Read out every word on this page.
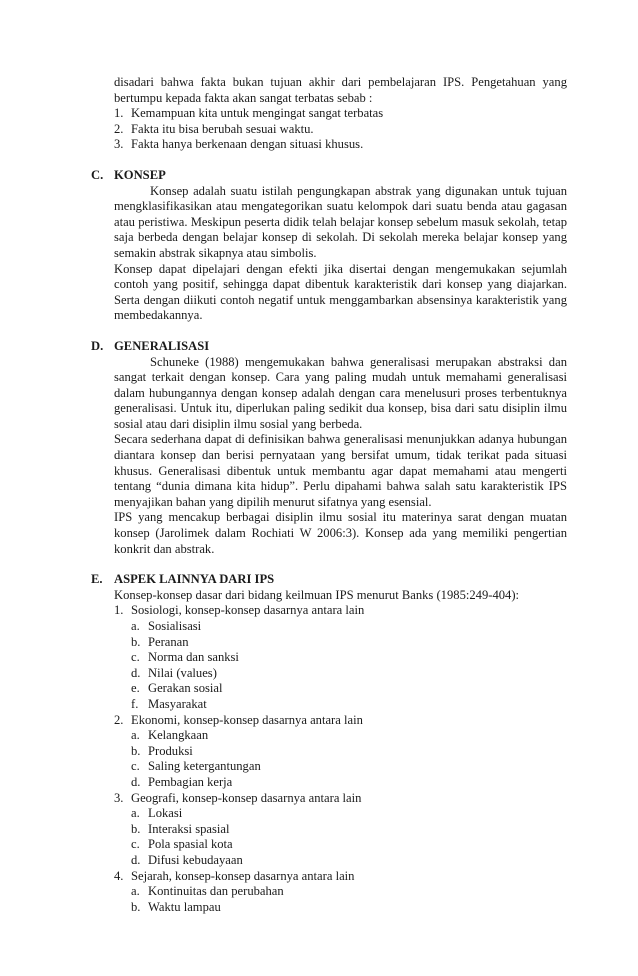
disadari bahwa fakta bukan tujuan akhir dari pembelajaran IPS. Pengetahuan yang bertumpu kepada fakta akan sangat terbatas sebab :
1. Kemampuan kita untuk mengingat sangat terbatas
2. Fakta itu bisa berubah sesuai waktu.
3. Fakta hanya berkenaan dengan situasi khusus.
C. KONSEP
Konsep adalah suatu istilah pengungkapan abstrak yang digunakan untuk tujuan mengklasifikasikan atau mengategorikan suatu kelompok dari suatu benda atau gagasan atau peristiwa. Meskipun peserta didik telah belajar konsep sebelum masuk sekolah, tetap saja berbeda dengan belajar konsep di sekolah. Di sekolah mereka belajar konsep yang semakin abstrak sikapnya atau simbolis.
Konsep dapat dipelajari dengan efekti jika disertai dengan mengemukakan sejumlah contoh yang positif, sehingga dapat dibentuk karakteristik dari konsep yang diajarkan. Serta dengan diikuti contoh negatif untuk menggambarkan absensinya karakteristik yang membedakannya.
D. GENERALISASI
Schuneke (1988) mengemukakan bahwa generalisasi merupakan abstraksi dan sangat terkait dengan konsep. Cara yang paling mudah untuk memahami generalisasi dalam hubungannya dengan konsep adalah dengan cara menelusuri proses terbentuknya generalisasi. Untuk itu, diperlukan paling sedikit dua konsep, bisa dari satu disiplin ilmu sosial atau dari disiplin ilmu sosial yang berbeda.
Secara sederhana dapat di definisikan bahwa generalisasi menunjukkan adanya hubungan diantara konsep dan berisi pernyataan yang bersifat umum, tidak terikat pada situasi khusus. Generalisasi dibentuk untuk membantu agar dapat memahami atau mengerti tentang “dunia dimana kita hidup”. Perlu dipahami bahwa salah satu karakteristik IPS menyajikan bahan yang dipilih menurut sifatnya yang esensial.
IPS yang mencakup berbagai disiplin ilmu sosial itu materinya sarat dengan muatan konsep (Jarolimek dalam Rochiati W 2006:3). Konsep ada yang memiliki pengertian konkrit dan abstrak.
E. ASPEK LAINNYA DARI IPS
Konsep-konsep dasar dari bidang keilmuan IPS menurut Banks (1985:249-404):
1. Sosiologi, konsep-konsep dasarnya antara lain
a. Sosialisasi
b. Peranan
c. Norma dan sanksi
d. Nilai (values)
e. Gerakan sosial
f. Masyarakat
2. Ekonomi, konsep-konsep dasarnya antara lain
a. Kelangkaan
b. Produksi
c. Saling ketergantungan
d. Pembagian kerja
3. Geografi, konsep-konsep dasarnya antara lain
a. Lokasi
b. Interaksi spasial
c. Pola spasial kota
d. Difusi kebudayaan
4. Sejarah, konsep-konsep dasarnya antara lain
a. Kontinuitas dan perubahan
b. Waktu lampau
